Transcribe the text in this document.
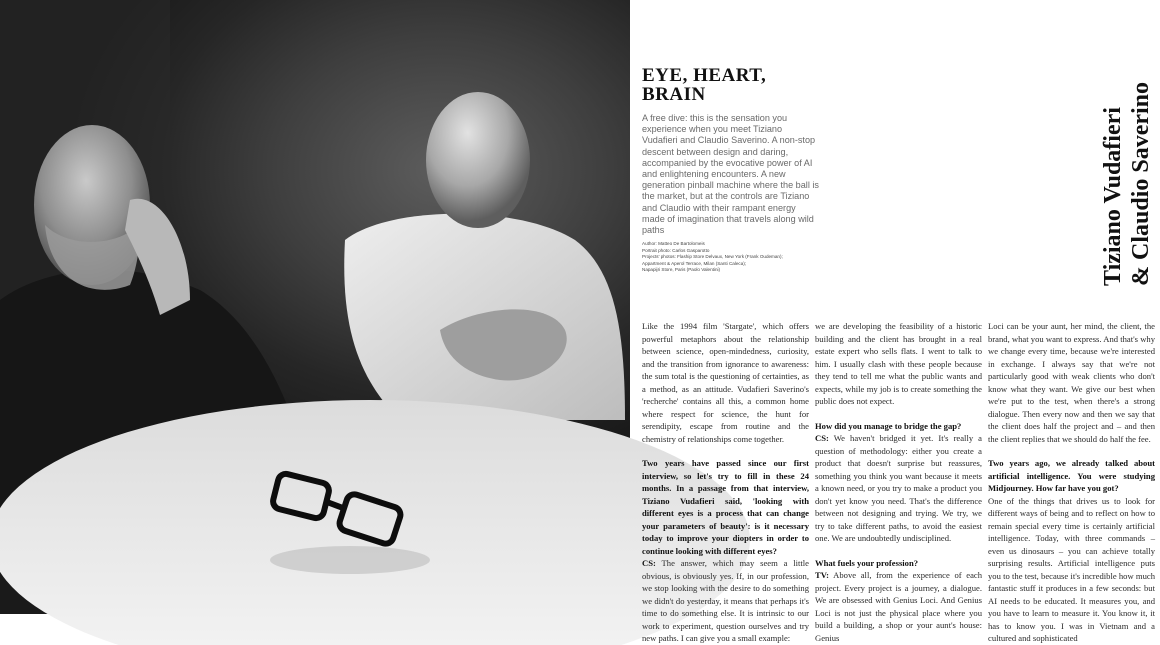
EYE, HEART,
BRAIN
A free dive: this is the sensation you experience when you meet Tiziano Vudafieri and Claudio Saverino. A non-stop descent between design and daring, accompanied by the evocative power of AI and enlightening encounters. A new generation pinball machine where the ball is the market, but at the controls are Tiziano and Claudio with their rampant energy made of imagination that travels along wild paths
Author: Matteo De Bartolomeis
Portrait photo: Carlos Gasparotto
Projects' photos: Flaship Store Delvaux, New York (Frank Oudeman);
Appartment & Aperol Terrace, Milan (Santi Caleca);
Napapijri Store, Paris (Paolo Valentini)	Tiziano Vudafieri & Claudio Saverino

Like the 1994 film 'Stargate', which offers powerful metaphors about the relationship between science, open-mindedness, curiosity, and the transition from ignorance to awareness: the sum total is the questioning of certainties, as a method, as an attitude. Vudafieri Saverino's 'recherche' contains all this, a common home where respect for science, the hunt for serendipity, escape from routine and the chemistry of relationships come together.

Two years have passed since our first interview, so let's try to fill in these 24 months. In a passage from that interview, Tiziano Vudafieri said, 'looking with different eyes is a process that can change your parameters of beauty': is it necessary today to improve your diopters in order to continue looking with different eyes?

CS: The answer, which may seem a little obvious, is obviously yes. If, in our profession, we stop looking with the desire to do something we didn't do yesterday, it means that perhaps it's time to do something else. It is intrinsic to our work to experiment, question ourselves and try new paths. I can give you a small example:

we are developing the feasibility of a historic building and the client has brought in a real estate expert who sells flats. I went to talk to him. I usually clash with these people because they tend to tell me what the public wants and expects, while my job is to create something the public does not expect.

How did you manage to bridge the gap?

CS: We haven't bridged it yet. It's really a question of methodology: either you create a product that doesn't surprise but reassures, something you think you want because it meets a known need, or you try to make a product you don't yet know you need. That's the difference between not designing and trying. We try, we try to take different paths, to avoid the easiest one. We are undoubtedly undisciplined.

What fuels your profession?

TV: Above all, from the experience of each project. Every project is a journey, a dialogue. We are obsessed with Genius Loci. And Genius Loci is not just the physical place where you build a building, a shop or your aunt's house: Genius

Loci can be your aunt, her mind, the client, the brand, what you want to express. And that's why we change every time, because we're interested in exchange. I always say that we're not particularly good with weak clients who don't know what they want. We give our best when we're put to the test, when there's a strong dialogue. Then every now and then we say that the client does half the project and – and then the client replies that we should do half the fee.

Two years ago, we already talked about artificial intelligence. You were studying Midjourney. How far have you got?

One of the things that drives us to look for different ways of being and to reflect on how to remain special every time is certainly artificial intelligence. Today, with three commands – even us dinosaurs – you can achieve totally surprising results. Artificial intelligence puts you to the test, because it's incredible how much fantastic stuff it produces in a few seconds: but AI needs to be educated. It measures you, and you have to learn to measure it. You know it, it has to know you. I was in Vietnam and a cultured and sophisticated
